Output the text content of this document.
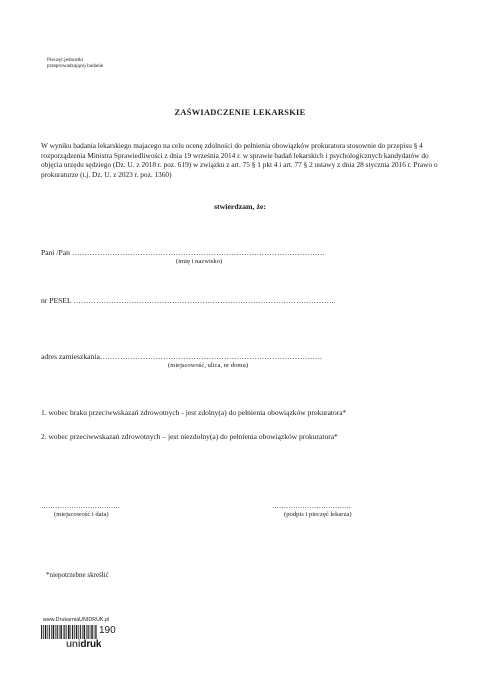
Pieczęć jednostki
przeprowadzającej badanie
ZAŚWIADCZENIE LEKARSKIE
W wyniku badania lekarskiego majacego na celu ocenę zdolności do pełnienia obowiązków prokuratora stosownie do przepisu § 4 rozporządzenia Ministra Sprawiedliwości z dnia 19 września 2014 r. w sprawie badań lekarskich i psychologicznych kandydatów do objęcia urzędu sędziego (Dz. U. z 2018 r. poz. 619) w związku z art. 75 § 1 pkt 4 i art. 77 § 2 ustawy z dnia 28 stycznia 2016 r. Prawo o prokuraturze (t.j. Dz. U. z 2023 r. poz. 1360)
stwierdzam, że:
Pani /Pan ……………………………………………………………………………………….
(imię i nazwisko)
nr PESEL …………………………………………………………………………………………..
adres zamieszkania…………………………………………………………………………….
(miejscowość, ulica, nr domu)
1. wobec braku przeciwwskazań zdrowotnych - jest zdolny(a) do pełnienia obowiązków prokuratora*
2. wobec przeciwwskazań zdrowotnych – jest niezdolny(a) do pełnienia obowiązków prokuratora*
…………………………….
(miejscowość i data)
…………………………….
(podpis i pieczęć lekarza)
*niepotrzebne skreślić
www.DrukarniaUNIDRUK.pl
190
unidruk
